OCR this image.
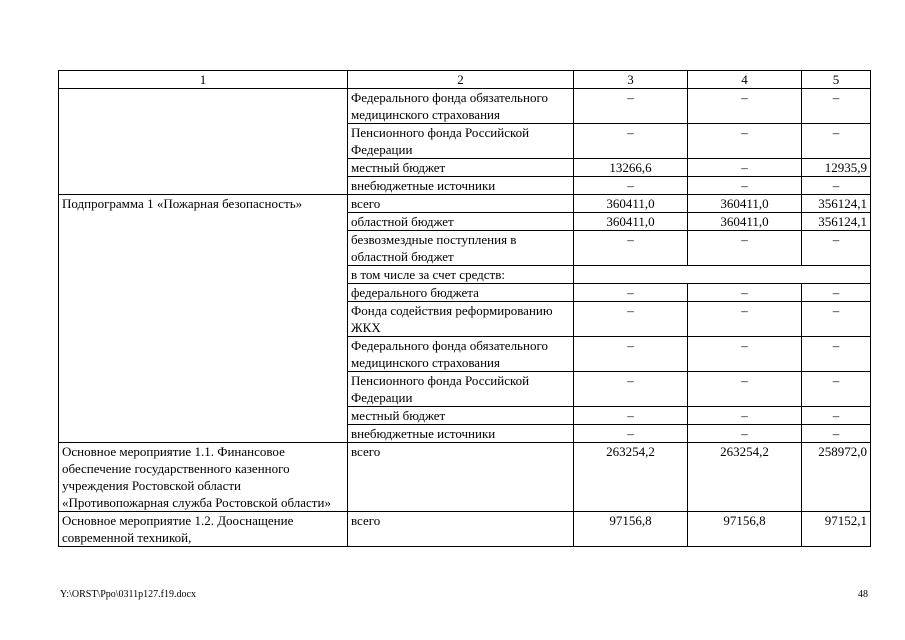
1	2	3	4	5
	Федерального фонда обязательного медицинского страхования	–	–	–
	Пенсионного фонда Российской Федерации	–	–	–
	местный бюджет	13266,6	–	12935,9
	внебюджетные источники	–	–	–
Подпрограмма 1 «Пожарная безопасность»	всего	360411,0	360411,0	356124,1
	областной бюджет	360411,0	360411,0	356124,1
	безвозмездные поступления в областной бюджет	–	–	–
	в том числе за счет средств:			
	федерального бюджета	–	–	–
	Фонда содействия реформированию ЖКХ	–	–	–
	Федерального фонда обязательного медицинского страхования	–	–	–
	Пенсионного фонда Российской Федерации	–	–	–
	местный бюджет	–	–	–
	внебюджетные источники	–	–	–
Основное мероприятие 1.1. Финансовое обеспечение государственного казенного учреждения Ростовской области «Противопожарная служба Ростовской области»	всего	263254,2	263254,2	258972,0
Основное мероприятие 1.2. Дооснащение современной техникой,	всего	97156,8	97156,8	97152,1
Y:\ORST\Ppo\0311p127.f19.docx	48
